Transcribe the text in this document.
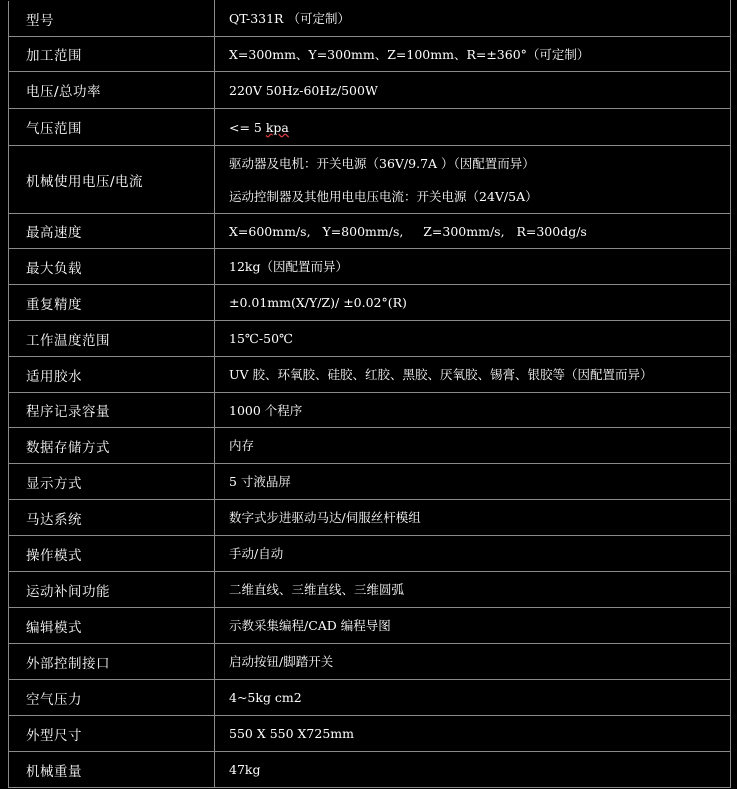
型号	QT-331R （可定制）

加工范围	X=300mm、Y=300mm、Z=100mm、R=±360°（可定制）

电压/总功率	220V 50Hz-60Hz/500W

气压范围	<= 5 kpa

机械使用电压/电流	驱动器及电机：开关电源（36V/9.7A ）（因配置而异）
运动控制器及其他用电电压电流：开关电源（24V/5A）

最高速度	X=600mm/s,   Y=800mm/s,     Z=300mm/s,   R=300dg/s

最大负载	12kg（因配置而异）

重复精度	±0.01mm(X/Y/Z)/ ±0.02°(R)

工作温度范围	15℃-50℃

适用胶水	UV 胶、环氧胶、硅胶、红胶、黑胶、厌氧胶、锡膏、银胶等（因配置而异）

程序记录容量	1000 个程序

数据存储方式	内存

显示方式	5 寸液晶屏

马达系统	数字式步进驱动马达/伺服丝杆模组

操作模式	手动/自动

运动补间功能	二维直线、三维直线、三维圆弧

编辑模式	示教采集编程/CAD 编程导图

外部控制接口	启动按钮/脚踏开关

空气压力	4~5kg cm2

外型尺寸	550 X 550 X725mm

机械重量	47kg
